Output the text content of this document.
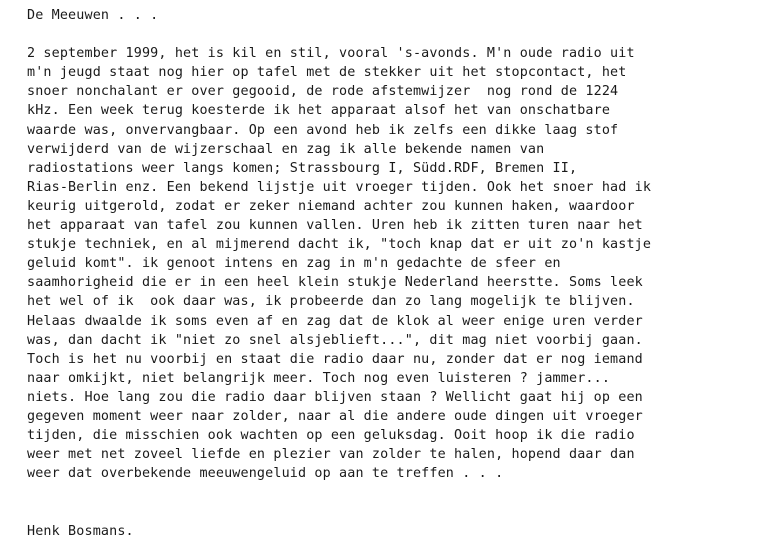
De Meeuwen . . .

2 september 1999, het is kil en stil, vooral 's-avonds. M'n oude radio uit

m'n jeugd staat nog hier op tafel met de stekker uit het stopcontact, het

snoer nonchalant er over gegooid, de rode afstemwijzer  nog rond de 1224

kHz. Een week terug koesterde ik het apparaat alsof het van onschatbare

waarde was, onvervangbaar. Op een avond heb ik zelfs een dikke laag stof

verwijderd van de wijzerschaal en zag ik alle bekende namen van

radiostations weer langs komen; Strassbourg I, Südd.RDF, Bremen II,

Rias-Berlin enz. Een bekend lijstje uit vroeger tijden. Ook het snoer had ik

keurig uitgerold, zodat er zeker niemand achter zou kunnen haken, waardoor

het apparaat van tafel zou kunnen vallen. Uren heb ik zitten turen naar het

stukje techniek, en al mijmerend dacht ik, "toch knap dat er uit zo'n kastje

geluid komt". ik genoot intens en zag in m'n gedachte de sfeer en

saamhorigheid die er in een heel klein stukje Nederland heerstte. Soms leek

het wel of ik  ook daar was, ik probeerde dan zo lang mogelijk te blijven.

Helaas dwaalde ik soms even af en zag dat de klok al weer enige uren verder

was, dan dacht ik "niet zo snel alsjeblieft...", dit mag niet voorbij gaan.

Toch is het nu voorbij en staat die radio daar nu, zonder dat er nog iemand

naar omkijkt, niet belangrijk meer. Toch nog even luisteren ? jammer...

niets. Hoe lang zou die radio daar blijven staan ? Wellicht gaat hij op een

gegeven moment weer naar zolder, naar al die andere oude dingen uit vroeger

tijden, die misschien ook wachten op een geluksdag. Ooit hoop ik die radio

weer met net zoveel liefde en plezier van zolder te halen, hopend daar dan

weer dat overbekende meeuwengeluid op aan te treffen . . .

Henk Bosmans.
